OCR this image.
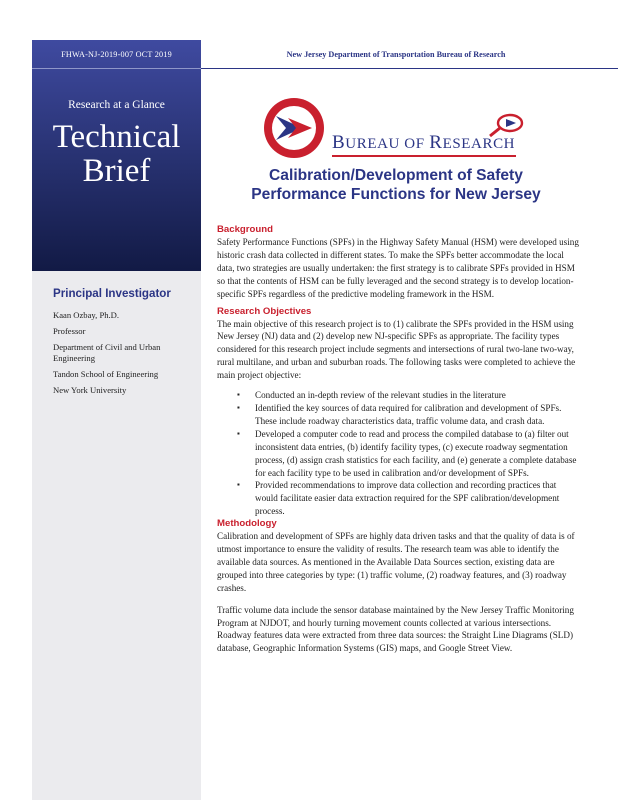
FHWA-NJ-2019-007 OCT 2019
Research at a Glance
Technical
Brief
Principal Investigator
Kaan Ozbay, Ph.D.
Professor
Department of Civil and Urban Engineering
Tandon School of Engineering
New York University
New Jersey Department of Transportation Bureau of Research
BUREAU OF RESEARCH
Calibration/Development of Safety
Performance Functions for New Jersey
Background

Safety Performance Functions (SPFs) in the Highway Safety Manual (HSM) were developed using historic crash data collected in different states. To make the SPFs better accommodate the local data, two strategies are usually undertaken: the first strategy is to calibrate SPFs provided in HSM so that the contents of HSM can be fully leveraged and the second strategy is to develop location-specific SPFs regardless of the predictive modeling framework in the HSM.

Research Objectives

The main objective of this research project is to (1) calibrate the SPFs provided in the HSM using New Jersey (NJ) data and (2) develop new NJ-specific SPFs as appropriate. The facility types considered for this research project include segments and intersections of rural two-lane two-way, rural multilane, and urban and suburban roads. The following tasks were completed to achieve the main project objective:

▪ Conducted an in-depth review of the relevant studies in the literature
▪ Identified the key sources of data required for calibration and development of SPFs. These include roadway characteristics data, traffic volume data, and crash data.
▪ Developed a computer code to read and process the compiled database to (a) filter out inconsistent data entries, (b) identify facility types, (c) execute roadway segmentation process, (d) assign crash statistics for each facility, and (e) generate a complete database for each facility type to be used in calibration and/or development of SPFs.
▪ Provided recommendations to improve data collection and recording practices that would facilitate easier data extraction required for the SPF calibration/development process.
Methodology

Calibration and development of SPFs are highly data driven tasks and that the quality of data is of utmost importance to ensure the validity of results. The research team was able to identify the available data sources. As mentioned in the Available Data Sources section, existing data are grouped into three categories by type: (1) traffic volume, (2) roadway features, and (3) roadway crashes.

Traffic volume data include the sensor database maintained by the New Jersey Traffic Monitoring Program at NJDOT, and hourly turning movement counts collected at various intersections. Roadway features data were extracted from three data sources: the Straight Line Diagrams (SLD) database, Geographic Information Systems (GIS) maps, and Google Street View.
